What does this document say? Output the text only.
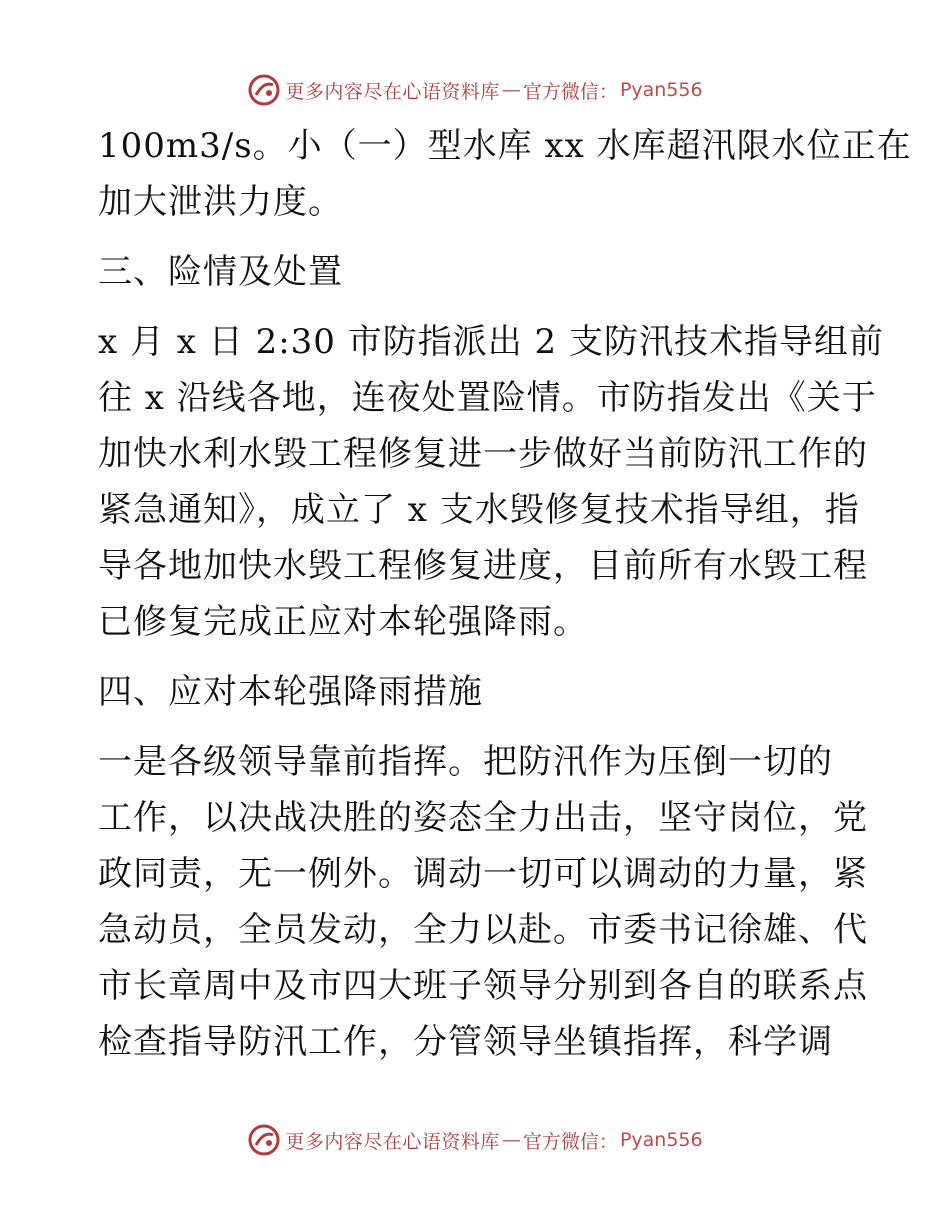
更多内容尽在心语资料库 — 官方微信： Pyan556
100m3/s。小（一）型水库 xx 水库超汛限水位正在
加大泄洪力度。
三、险情及处置
x 月 x 日 2:30 市防指派出 2 支防汛技术指导组前
往 x 沿线各地，连夜处置险情。市防指发出《关于
加快水利水毁工程修复进一步做好当前防汛工作的
紧急通知》，成立了 x 支水毁修复技术指导组，指
导各地加快水毁工程修复进度，目前所有水毁工程
已修复完成正应对本轮强降雨。
四、应对本轮强降雨措施
一是各级领导靠前指挥。把防汛作为压倒一切的
工作，以决战决胜的姿态全力出击，坚守岗位，党
政同责，无一例外。调动一切可以调动的力量，紧
急动员，全员发动，全力以赴。市委书记徐雄、代
市长章周中及市四大班子领导分别到各自的联系点
检查指导防汛工作，分管领导坐镇指挥，科学调
更多内容尽在心语资料库 — 官方微信： Pyan556
